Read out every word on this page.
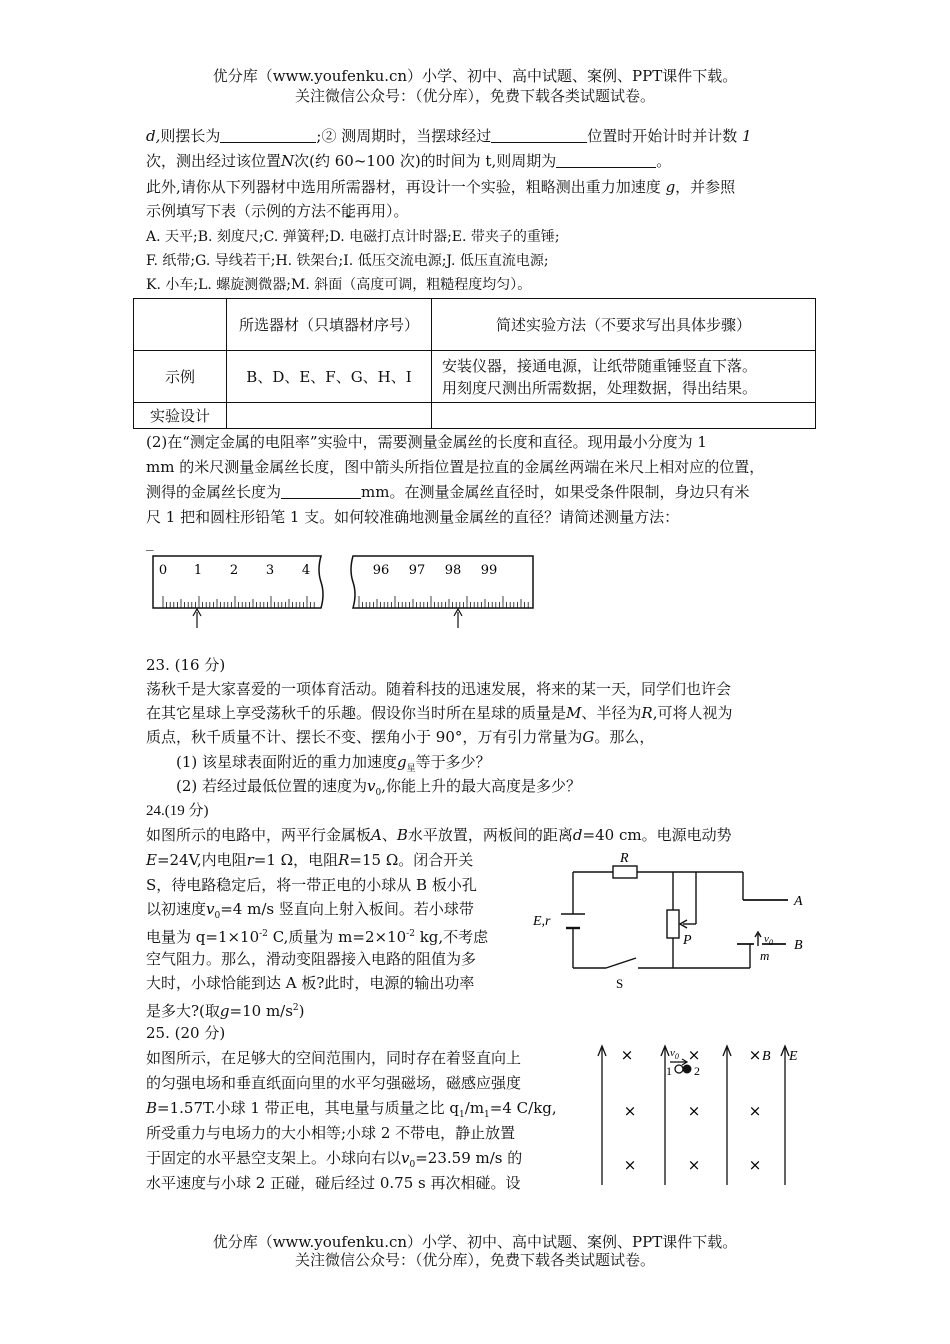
优分库（www.youfenku.cn）小学、初中、高中试题、案例、PPT课件下载。
关注微信公众号：（优分库），免费下载各类试题试卷。
d,则摆长为	;② 测周期时，当摆球经过	位置时开始计时并计数 1
次，测出经过该位置N次(约 60~100 次)的时间为 t,则周期为	。
此外,请你从下列器材中选用所需器材，再设计一个实验，粗略测出重力加速度 g，并参照
示例填写下表（示例的方法不能再用）。
A. 天平;B. 刻度尺;C. 弹簧秤;D. 电磁打点计时器;E. 带夹子的重锤;
F. 纸带;G. 导线若干;H. 铁架台;I. 低压交流电源;J. 低压直流电源;
K. 小车;L. 螺旋测微器;M. 斜面（高度可调，粗糙程度均匀）。
	所选器材（只填器材序号）	简述实验方法（不要求写出具体步骤）
示例	B、D、E、F、G、H、I	安装仪器，接通电源，让纸带随重锤竖直下落。
用刻度尺测出所需数据，处理数据，得出结果。

实验设计		
(2)在“测定金属的电阻率”实验中，需要测量金属丝的长度和直径。现用最小分度为 1
mm 的米尺测量金属丝长度，图中箭头所指位置是拉直的金属丝两端在米尺上相对应的位置，
测得的金属丝长度为	mm。在测量金属丝直径时，如果受条件限制，身边只有米
尺 1 把和圆柱形铅笔 1 支。如何较准确地测量金属丝的直径？请简述测量方法：
_
0 1 2 3 4	96 97 98 99
23. (16 分)
荡秋千是大家喜爱的一项体育活动。随着科技的迅速发展，将来的某一天，同学们也许会
在其它星球上享受荡秋千的乐趣。假设你当时所在星球的质量是M、半径为R,可将人视为
质点，秋千质量不计、摆长不变、摆角小于 90°，万有引力常量为G。那么，
(1) 该星球表面附近的重力加速度$g_星$等于多少？
(2) 若经过最低位置的速度为$v_0$,你能上升的最大高度是多少？
24.(19 分)
如图所示的电路中，两平行金属板A、B水平放置，两板间的距离d=40 cm。电源电动势
E=24V,内电阻r=1 Ω，电阻R=15 Ω。闭合开关
S，待电路稳定后，将一带正电的小球从 B 板小孔
以初速度$v_0=4$ m/s 竖直向上射入板间。若小球带
电量为 $q=1\times 10^{-2}$ C,质量为 $m=2\times 10^{-2}$ kg,不考虑
空气阻力。那么，滑动变阻器接入电路的阻值为多
大时，小球恰能到达 A 板?此时，电源的输出功率
是多大?(取g=10 $m/s^2$)
R
E,r
P
A
B
m
$v_0$
S
25. (20 分)
如图所示，在足够大的空间范围内，同时存在着竖直向上
的匀强电场和垂直纸面向里的水平匀强磁场，磁感应强度
B=1.57T.小球 1 带正电，其电量与质量之比 $q_1/m_1=4$ C/kg,
所受重力与电场力的大小相等;小球 2 不带电，静止放置
于固定的水平悬空支架上。小球向右以$v_0=23.59$ m/s 的
水平速度与小球 2 正碰，碰后经过 0.75 s 再次相碰。设
×	×	×
×	×	×
×	×	×
B E
$v_0$
1 2
优分库（www.youfenku.cn）小学、初中、高中试题、案例、PPT课件下载。
关注微信公众号：（优分库），免费下载各类试题试卷。
